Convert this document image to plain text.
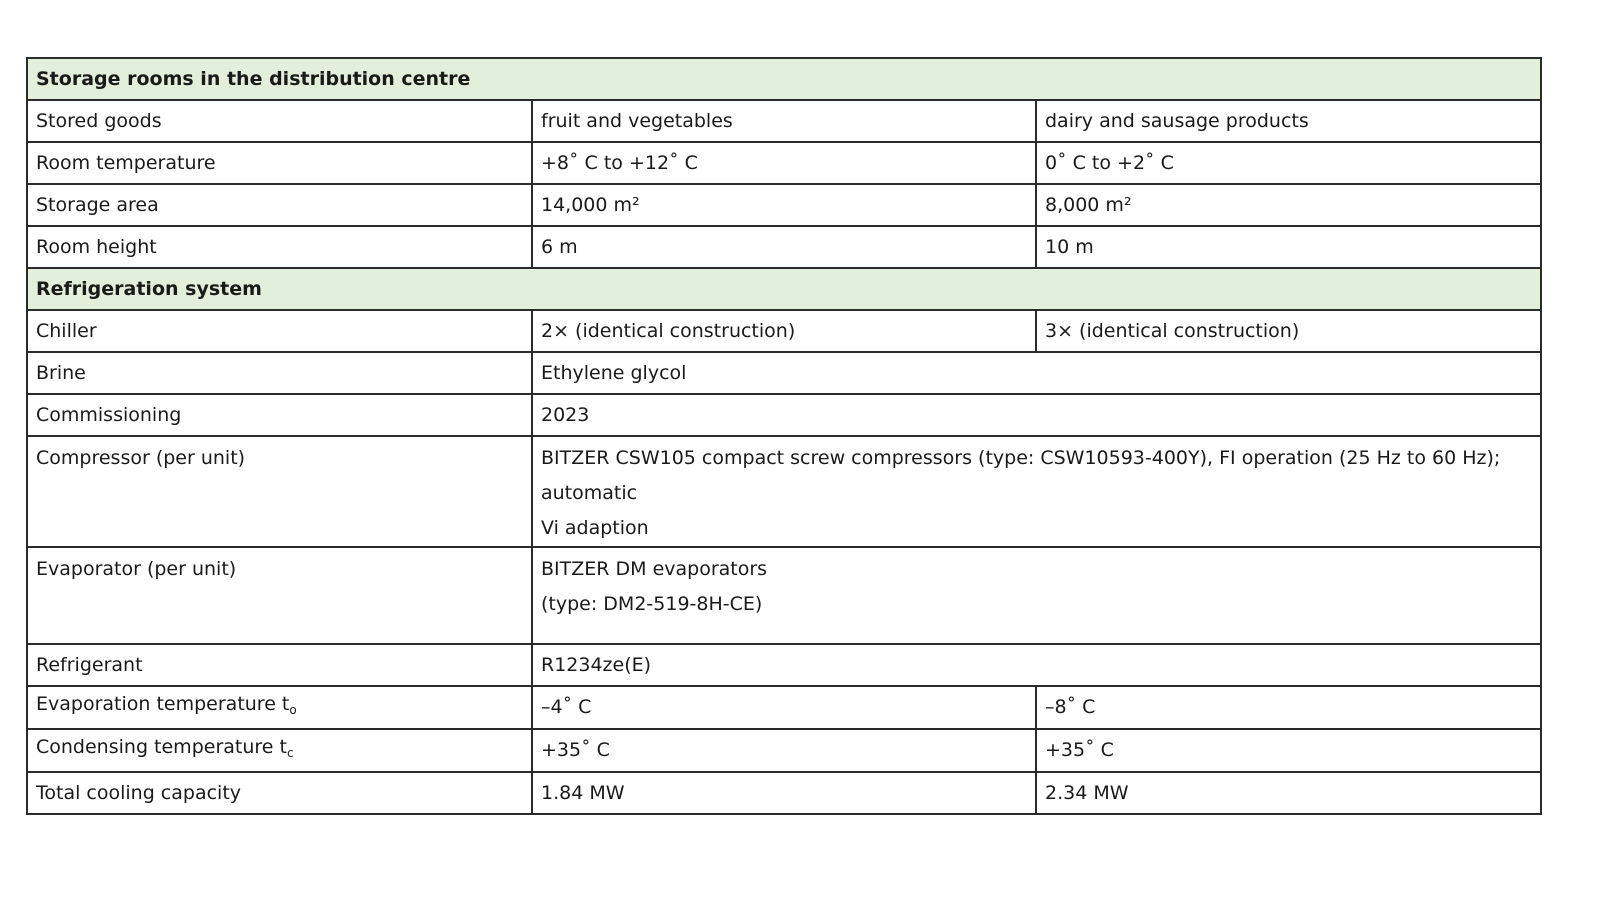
Storage rooms in the distribution centre		
Stored goods	fruit and vegetables	dairy and sausage products
Room temperature	+8˚ C to +12˚ C	0˚ C to +2˚ C
Storage area	14,000 m²	8,000 m²
Room height	6 m	10 m
Refrigeration system		
Chiller	2× (identical construction)	3× (identical construction)
Brine	Ethylene glycol	
Commissioning	2023	
Compressor (per unit)	BITZER CSW105 compact screw compressors (type: CSW10593-400Y), FI operation (25 Hz to 60 Hz); automatic
Vi adaption	

Evaporator (per unit)	BITZER DM evaporators
(type: DM2-519-8H-CE)	

Refrigerant	R1234ze(E)	
Evaporation temperature $t_o$	–4˚ C	–8˚ C
Condensing temperature $t_c$	+35˚ C	+35˚ C
Total cooling capacity	1.84 MW	2.34 MW
